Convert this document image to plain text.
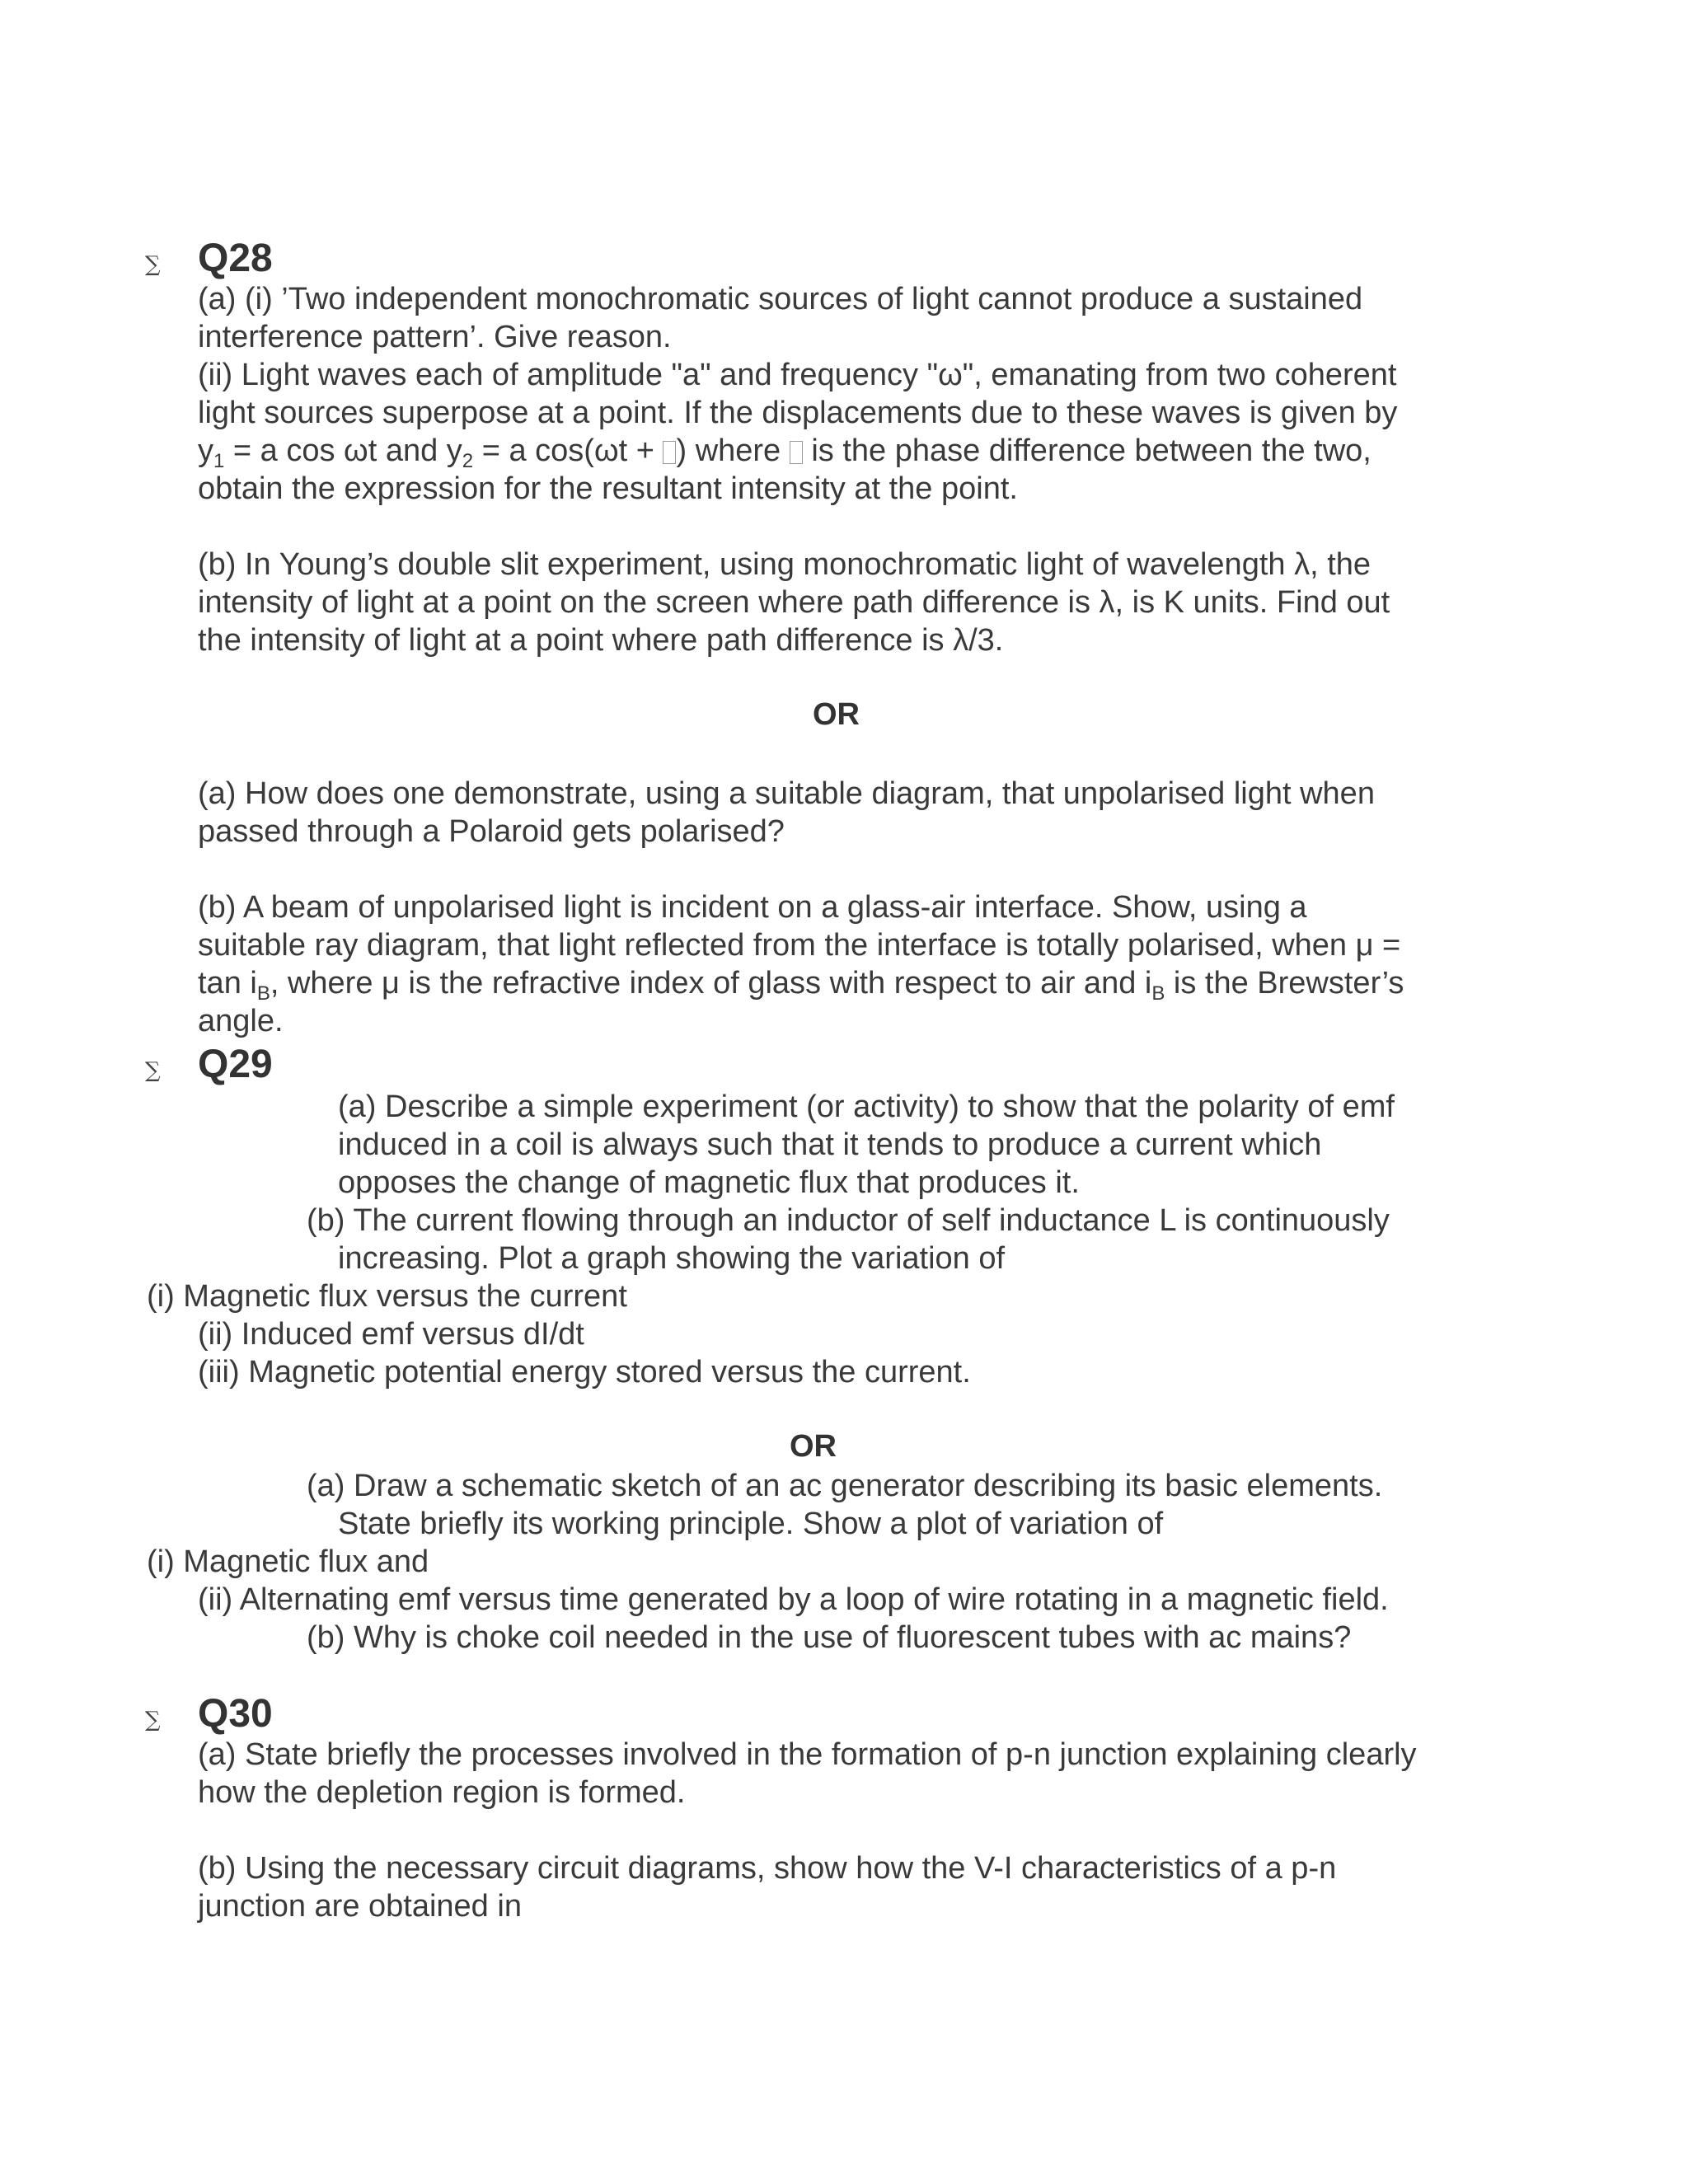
∑ Q28
(a) (i) ’Two independent monochromatic sources of light cannot produce a sustained
interference pattern’. Give reason.
(ii) Light waves each of amplitude "a" and frequency "ω", emanating from two coherent
light sources superpose at a point. If the displacements due to these waves is given by
$y_1 = a$ cos ωt and $y_2 = a$ cos(ωt + ) where  is the phase difference between the two,
obtain the expression for the resultant intensity at the point.
(b) In Young’s double slit experiment, using monochromatic light of wavelength λ, the
intensity of light at a point on the screen where path difference is λ, is K units. Find out
the intensity of light at a point where path difference is λ/3.
OR
(a) How does one demonstrate, using a suitable diagram, that unpolarised light when
passed through a Polaroid gets polarised?
(b) A beam of unpolarised light is incident on a glass-air interface. Show, using a
suitable ray diagram, that light reflected from the interface is totally polarised, when μ =
$\tan i_B$, where μ is the refractive index of glass with respect to air and $i_B$ is the Brewster’s
angle.
∑ Q29
(a) Describe a simple experiment (or activity) to show that the polarity of emf
induced in a coil is always such that it tends to produce a current which
opposes the change of magnetic flux that produces it.
(b) The current flowing through an inductor of self inductance L is continuously
increasing. Plot a graph showing the variation of
(i) Magnetic flux versus the current
(ii) Induced emf versus dI/dt
(iii) Magnetic potential energy stored versus the current.
OR
(a) Draw a schematic sketch of an ac generator describing its basic elements.
State briefly its working principle. Show a plot of variation of
(i) Magnetic flux and
(ii) Alternating emf versus time generated by a loop of wire rotating in a magnetic field.
(b) Why is choke coil needed in the use of fluorescent tubes with ac mains?
∑ Q30
(a) State briefly the processes involved in the formation of p-n junction explaining clearly
how the depletion region is formed.
(b) Using the necessary circuit diagrams, show how the V-I characteristics of a p-n
junction are obtained in
